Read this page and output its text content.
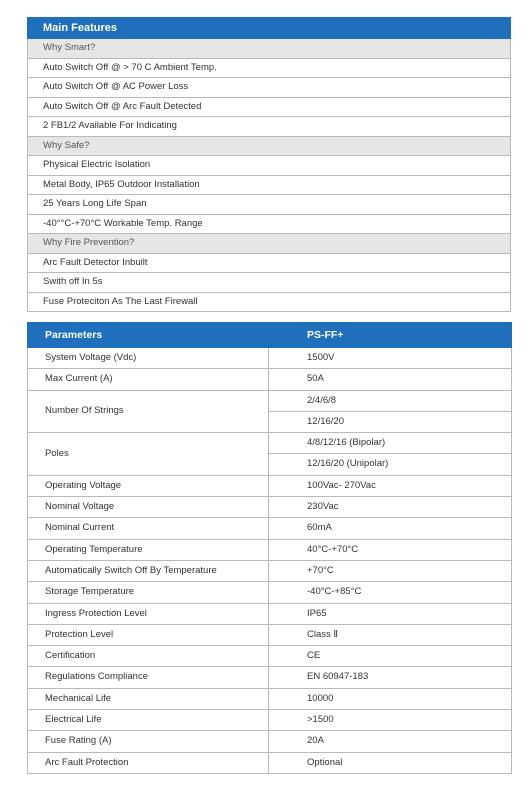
Main Features
Why Smart?
Auto Switch Off @ > 70 C Ambient Temp.
Auto Switch Off @ AC Power Loss
Auto Switch Off @ Arc Fault Detected
2 FB1/2 Available For Indicating
Why Safe?
Physical Electric Isolation
Metal Body, IP65 Outdoor Installation
25 Years Long Life Span
-40°°C-+70°C Workable Temp. Range
Why Fire Prevention?
Arc Fault Detector Inbuilt
Swith off In 5s
Fuse Proteciton As The Last Firewall
Parameters	PS-FF+
System Voltage (Vdc)	1500V
Max Current (A)	50A
Number Of Strings	2/4/6/8
	12/16/20
Poles	4/8/12/16 (Bipolar)
	12/16/20 (Unipolar)
Operating Voltage	100Vac- 270Vac
Nominal Voltage	230Vac
Nominal Current	60mA
Operating Temperature	40°C-+70°C
Automatically Switch Off By Temperature	+70°C
Storage Temperature	-40°C-+85°C
Ingress Protection Level	IP65
Protection Level	Class Ⅱ
Certification	CE
Regulations Compliance	EN 60947-183
Mechanical Life	10000
Electrical Life	>1500
Fuse Rating (A)	20A
Arc Fault Protection	Optional
